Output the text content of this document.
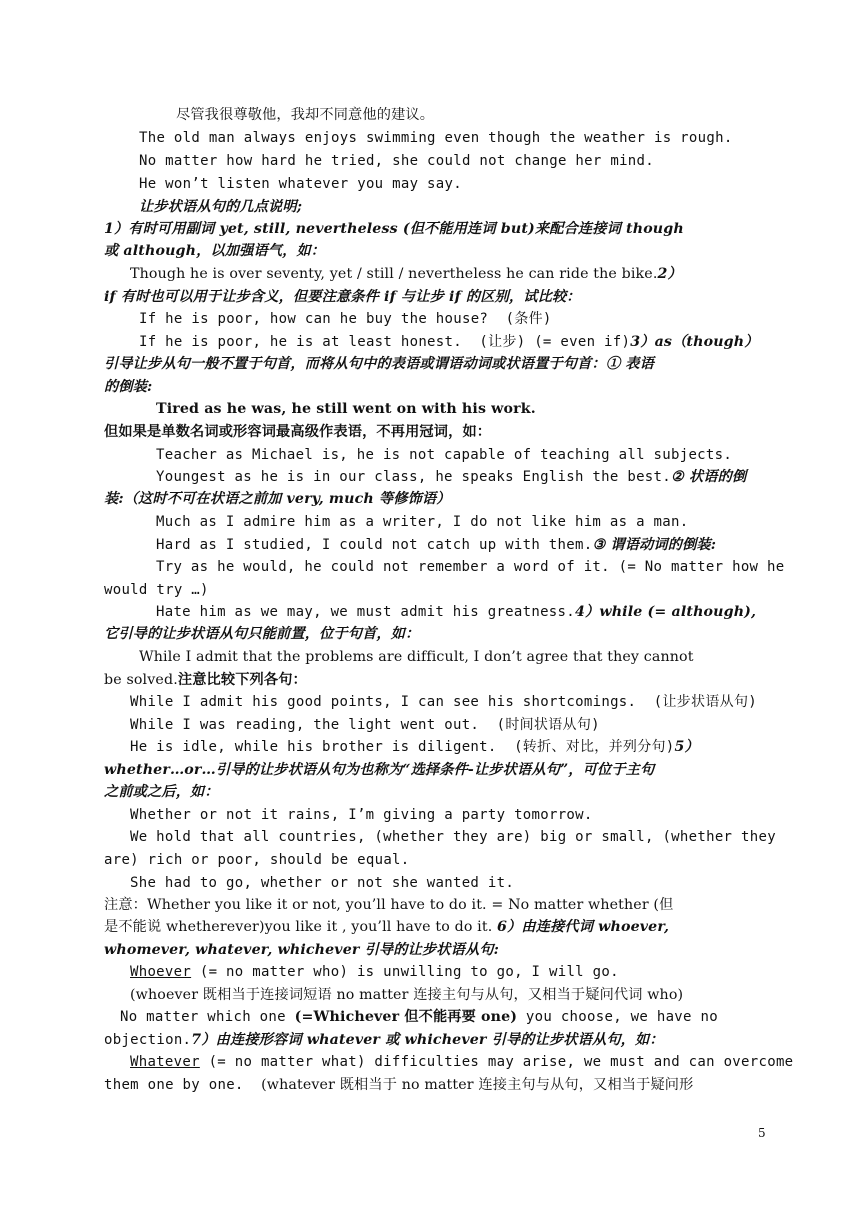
尽管我很尊敬他，我却不同意他的建议。
The old man always enjoys swimming even though the weather is rough.
No matter how hard he tried, she could not change her mind.
He won’t listen whatever you may say.
让步状语从句的几点说明;
1）有时可用副词 yet, still, nevertheless (但不能用连词 but)来配合连接词 though
或 although，以加强语气，如：
Though he is over seventy, yet / still / nevertheless he can ride the bike.2）
if 有时也可以用于让步含义，但要注意条件 if 与让步 if 的区别，试比较：
If he is poor, how can he buy the house?  (条件)
If he is poor, he is at least honest.  (让步) (= even if)3）as（though）
引导让步从句一般不置于句首，而将从句中的表语或谓语动词或状语置于句首：① 表语
的倒装:
Tired as he was, he still went on with his work.
但如果是单数名词或形容词最高级作表语，不再用冠词，如：
Teacher as Michael is, he is not capable of teaching all subjects.
Youngest as he is in our class, he speaks English the best.② 状语的倒
装:（这时不可在状语之前加 very, much 等修饰语）
Much as I admire him as a writer, I do not like him as a man.
Hard as I studied, I could not catch up with them.③ 谓语动词的倒装:
Try as he would, he could not remember a word of it. (= No matter how he
would try …)
Hate him as we may, we must admit his greatness.4）while (= although),
它引导的让步状语从句只能前置，位于句首，如：
While I admit that the problems are difficult, I don’t agree that they cannot
be solved.注意比较下列各句：
While I admit his good points, I can see his shortcomings.  (让步状语从句)
While I was reading, the light went out.  (时间状语从句)
He is idle, while his brother is diligent.  (转折、对比，并列分句)5）
whether…or…引导的让步状语从句为也称为“选择条件-让步状语从句”，可位于主句
之前或之后，如：
Whether or not it rains, I’m giving a party tomorrow.
We hold that all countries, (whether they are) big or small, (whether they
are) rich or poor, should be equal.
She had to go, whether or not she wanted it.
注意：Whether you like it or not, you’ll have to do it. = No matter whether (但
是不能说 whetherever)you like it , you’ll have to do it. 6）由连接代词 whoever,
whomever, whatever, whichever 引导的让步状语从句:
Whoever (= no matter who) is unwilling to go, I will go.
(whoever 既相当于连接词短语 no matter 连接主句与从句，又相当于疑问代词 who)
No matter which one (=Whichever 但不能再要 one) you choose, we have no
objection.7）由连接形容词 whatever 或 whichever 引导的让步状语从句，如：
Whatever (= no matter what) difficulties may arise, we must and can overcome
them one by one.  (whatever 既相当于 no matter 连接主句与从句，又相当于疑问形
5
